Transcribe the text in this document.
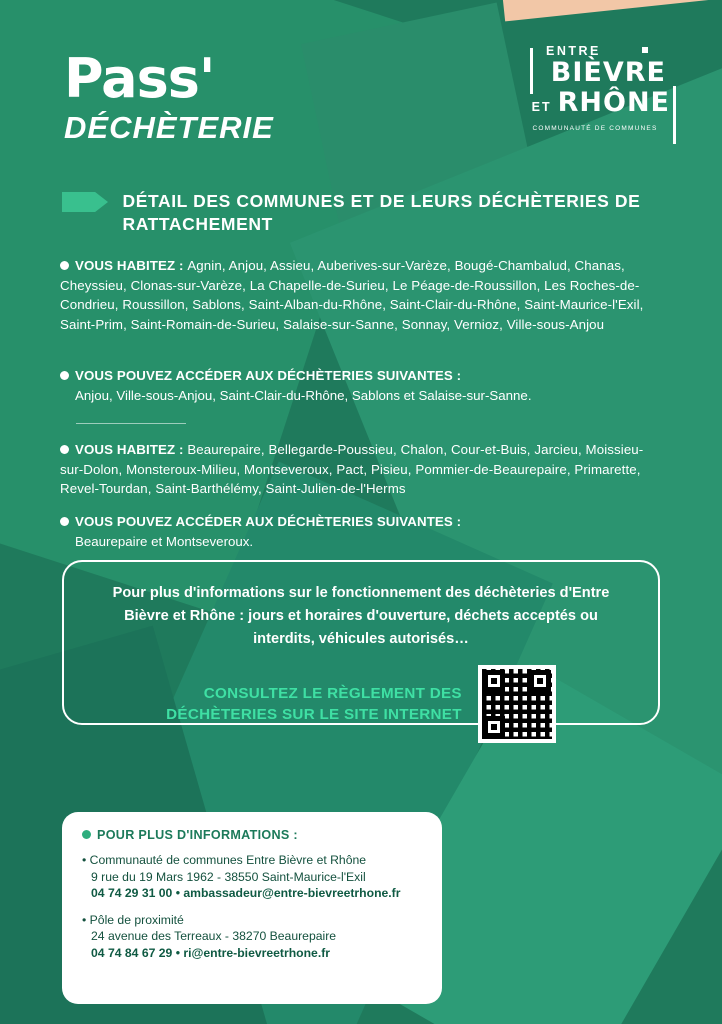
Pass'
DÉCHÈTERIE
ENTRE
BIÈVRE
ET RHÔNE
COMMUNAUTÉ DE COMMUNES
DÉTAIL DES COMMUNES ET DE LEURS DÉCHÈTERIES DE RATTACHEMENT
VOUS HABITEZ : Agnin, Anjou, Assieu, Auberives-sur-Varèze, Bougé-Chambalud, Chanas, Cheyssieu, Clonas-sur-Varèze, La Chapelle-de-Surieu, Le Péage-de-Roussillon, Les Roches-de-Condrieu, Roussillon, Sablons, Saint-Alban-du-Rhône, Saint-Clair-du-Rhône, Saint-Maurice-l'Exil, Saint-Prim, Saint-Romain-de-Surieu, Salaise-sur-Sanne, Sonnay, Vernioz, Ville-sous-Anjou
VOUS POUVEZ ACCÉDER AUX DÉCHÈTERIES SUIVANTES :
Anjou, Ville-sous-Anjou, Saint-Clair-du-Rhône, Sablons et Salaise-sur-Sanne.
VOUS HABITEZ : Beaurepaire, Bellegarde-Poussieu, Chalon, Cour-et-Buis, Jarcieu, Moissieu-sur-Dolon, Monsteroux-Milieu, Montseveroux, Pact, Pisieu, Pommier-de-Beaurepaire, Primarette, Revel-Tourdan, Saint-Barthélémy, Saint-Julien-de-l'Herms
VOUS POUVEZ ACCÉDER AUX DÉCHÈTERIES SUIVANTES :
Beaurepaire et Montseveroux.

Pour plus d'informations sur le fonctionnement des déchèteries d'Entre Bièvre et Rhône : jours et horaires d'ouverture, déchets acceptés ou interdits, véhicules autorisés…

CONSULTEZ LE RÈGLEMENT DES
DÉCHÈTERIES SUR LE SITE INTERNET
POUR PLUS D'INFORMATIONS :
• Communauté de communes Entre Bièvre et Rhône
9 rue du 19 Mars 1962 - 38550 Saint-Maurice-l'Exil
04 74 29 31 00 • ambassadeur@entre-bievreetrhone.fr
• Pôle de proximité
24 avenue des Terreaux - 38270 Beaurepaire
04 74 84 67 29 • ri@entre-bievreetrhone.fr
